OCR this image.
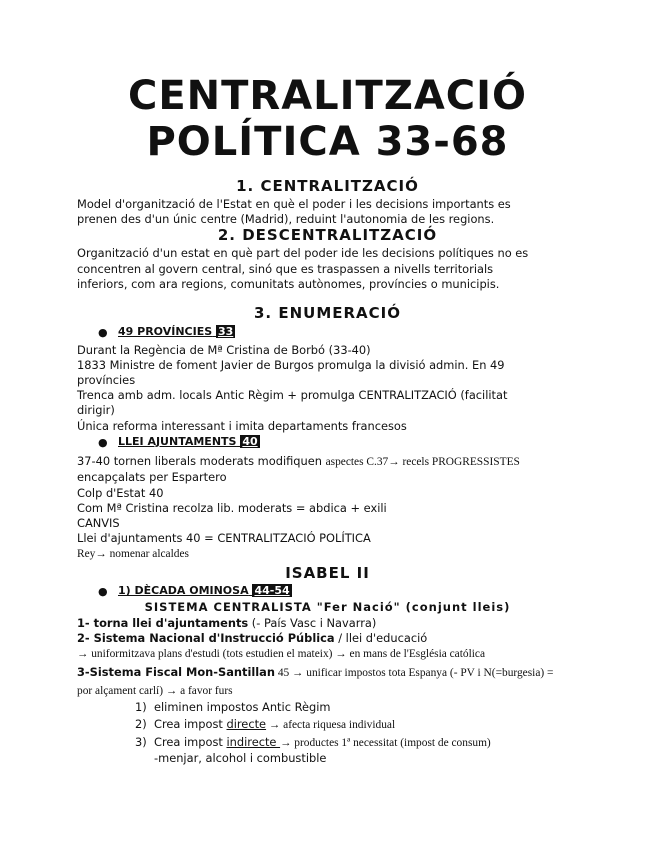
CENTRALITZACIÓ
POLÍTICA 33-68
1. CENTRALITZACIÓ
Model d'organització de l'Estat en què el poder i les decisions importants es
prenen des d'un únic centre (Madrid), reduint l'autonomia de les regions.
2. DESCENTRALITZACIÓ
Organització d'un estat en què part del poder ide les decisions polítiques no es
concentren al govern central, sinó que es traspassen a nivells territorials
inferiors, com ara regions, comunitats autònomes, províncies o municipis.
3. ENUMERACIÓ
● 49 PROVÍNCIES 33
Durant la Regència de Mª Cristina de Borbó (33-40)
1833 Ministre de foment Javier de Burgos promulga la divisió admin. En 49
províncies
Trenca amb adm. locals Antic Règim + promulga CENTRALITZACIÓ (facilitat
dirigir)
Única reforma interessant i imita departaments francesos
● LLEI AJUNTAMENTS 40
37-40 tornen liberals moderats modifiquen aspectes C.37→ recels PROGRESSISTES
encapçalats per Espartero
Colp d'Estat 40
Com Mª Cristina recolza lib. moderats = abdica + exili
CANVIS
Llei d'ajuntaments 40 = CENTRALITZACIÓ POLÍTICA
Rey→ nomenar alcaldes
ISABEL II
● 1) DÈCADA OMINOSA 44-54
SISTEMA CENTRALISTA "Fer Nació" (conjunt lleis)
1- torna llei d'ajuntaments (- País Vasc i Navarra)
2- Sistema Nacional d'Instrucció Pública / llei d'educació
→ uniformitzava plans d'estudi (tots estudien el mateix) → en mans de l'Església católica
3-Sistema Fiscal Mon-Santillan 45 → unificar impostos tota Espanya (- PV i N(=burgesia) =
por alçament carlí) → a favor furs
1) eliminen impostos Antic Règim
2) Crea impost directe → afecta riquesa individual
3) Crea impost indirecte → productes 1ª necessitat (impost de consum)
-menjar, alcohol i combustible
